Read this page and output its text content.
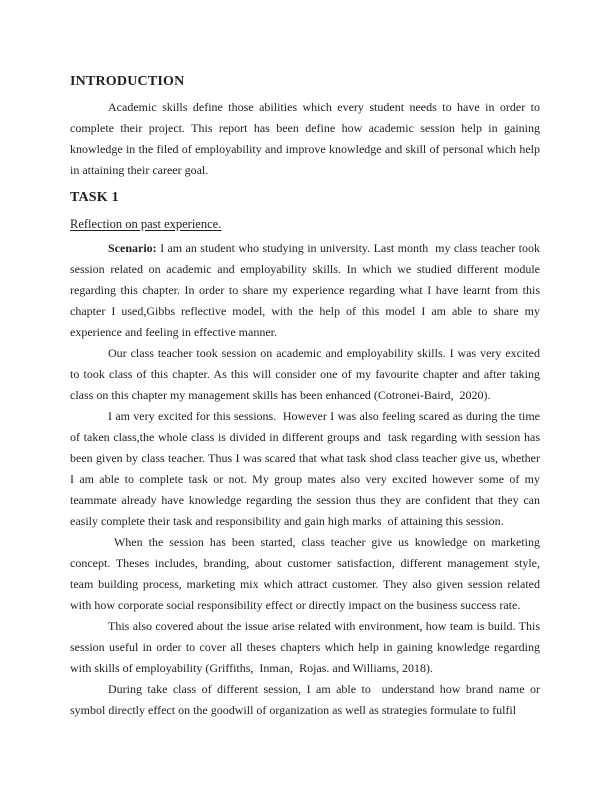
INTRODUCTION

Academic skills define those abilities which every student needs to have in order to complete their project. This report has been define how academic session help in gaining knowledge in the filed of employability and improve knowledge and skill of personal which help in attaining their career goal.

TASK 1
Reflection on past experience.

Scenario: I am an student who studying in university. Last month  my class teacher took session related on academic and employability skills. In which we studied different module regarding this chapter. In order to share my experience regarding what I have learnt from this chapter I used,Gibbs reflective model, with the help of this model I am able to share my experience and feeling in effective manner.

Our class teacher took session on academic and employability skills. I was very excited to took class of this chapter. As this will consider one of my favourite chapter and after taking class on this chapter my management skills has been enhanced (Cotronei-Baird,  2020).

I am very excited for this sessions.  However I was also feeling scared as during the time of taken class,the whole class is divided in different groups and  task regarding with session has been given by class teacher. Thus I was scared that what task shod class teacher give us, whether I am able to complete task or not. My group mates also very excited however some of my teammate already have knowledge regarding the session thus they are confident that they can easily complete their task and responsibility and gain high marks  of attaining this session.

When the session has been started, class teacher give us knowledge on marketing concept. Theses includes, branding, about customer satisfaction, different management style, team building process, marketing mix which attract customer. They also given session related with how corporate social responsibility effect or directly impact on the business success rate.

This also covered about the issue arise related with environment, how team is build. This session useful in order to cover all theses chapters which help in gaining knowledge regarding with skills of employability (Griffiths,  Inman,  Rojas. and Williams, 2018).

During take class of different session, I am able to  understand how brand name or symbol directly effect on the goodwill of organization as well as strategies formulate to fulfil
